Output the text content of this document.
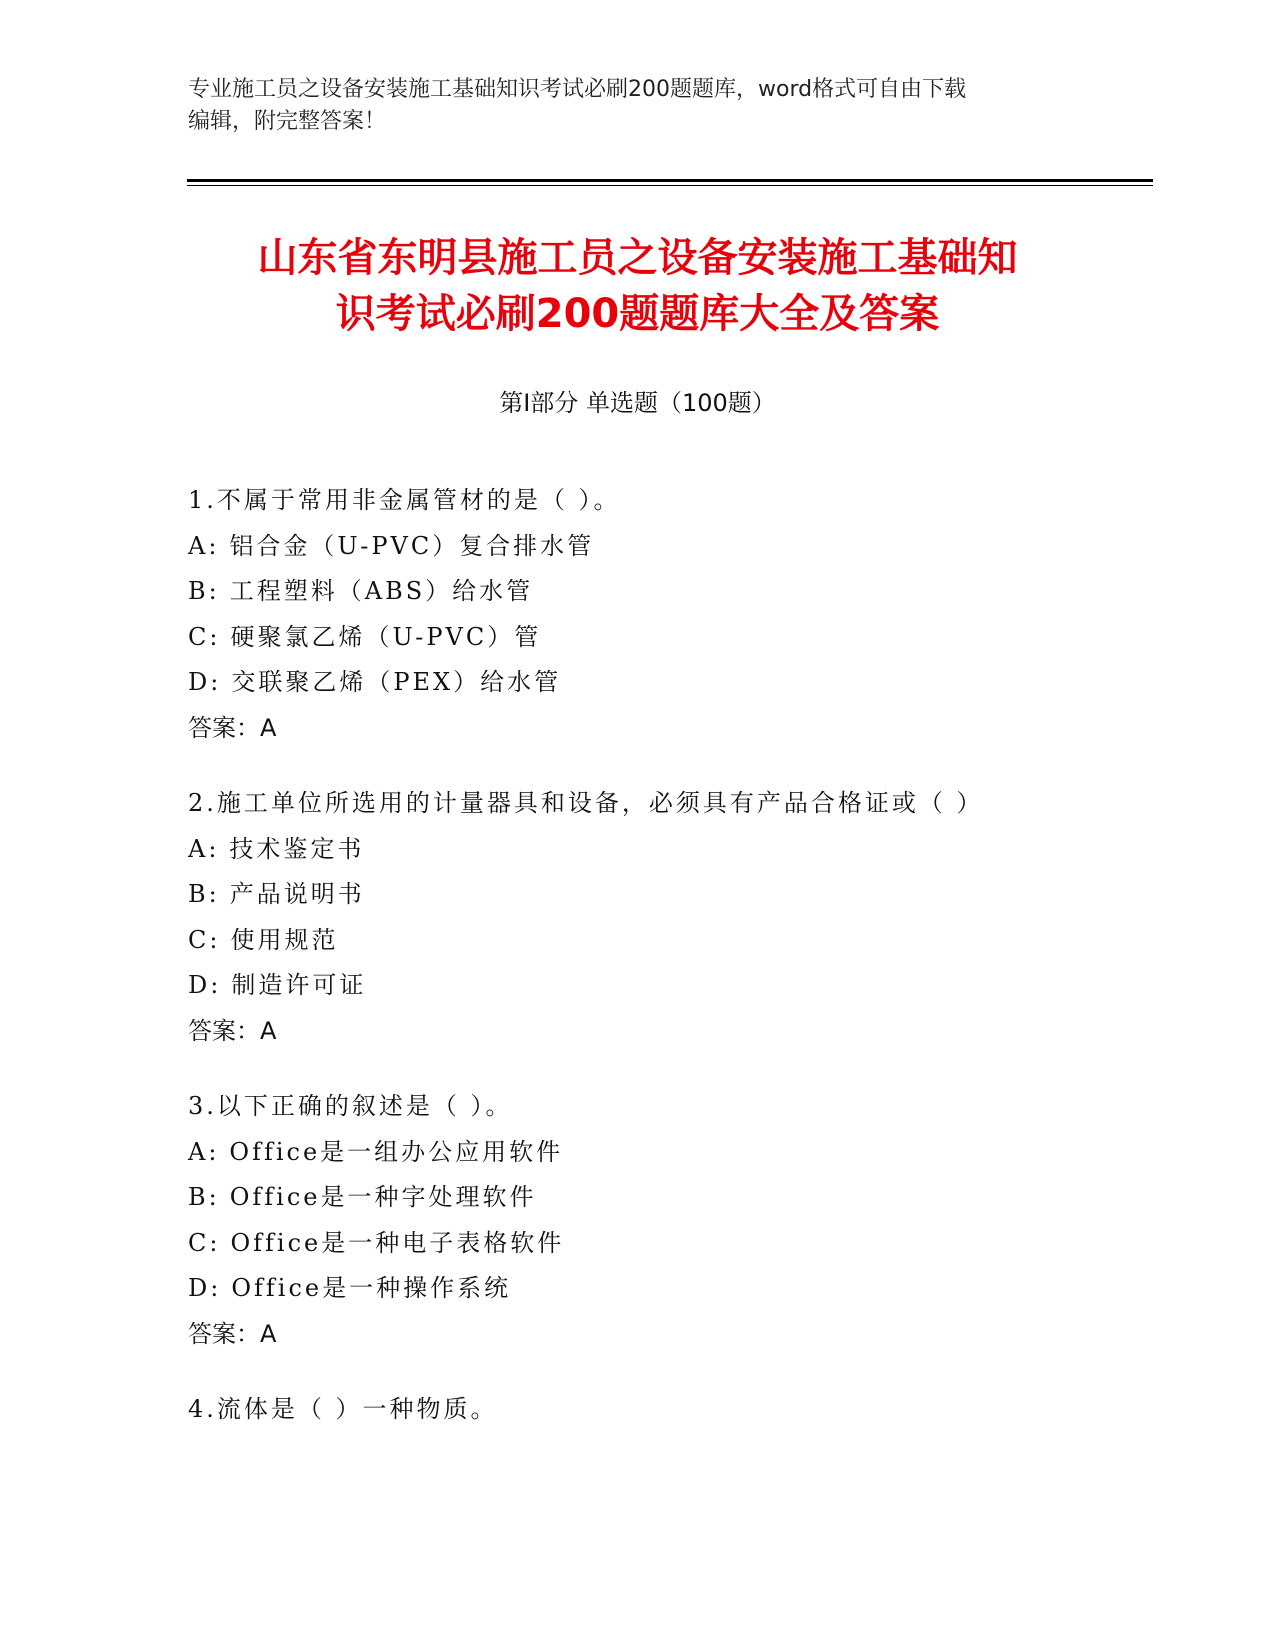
专业施工员之设备安装施工基础知识考试必刷200题题库，word格式可自由下载
编辑，附完整答案！
山东省东明县施工员之设备安装施工基础知
识考试必刷200题题库大全及答案
第Ⅰ部分 单选题（100题）
1.不属于常用非金属管材的是（ ）。
A: 铝合金（U-PVC）复合排水管
B: 工程塑料（ABS）给水管
C: 硬聚氯乙烯（U-PVC）管
D: 交联聚乙烯（PEX）给水管
答案：A
2.施工单位所选用的计量器具和设备，必须具有产品合格证或（ ）
A: 技术鉴定书
B: 产品说明书
C: 使用规范
D: 制造许可证
答案：A
3.以下正确的叙述是（ ）。
A: Office是一组办公应用软件
B: Office是一种字处理软件
C: Office是一种电子表格软件
D: Office是一种操作系统
答案：A
4.流体是（ ）一种物质。
